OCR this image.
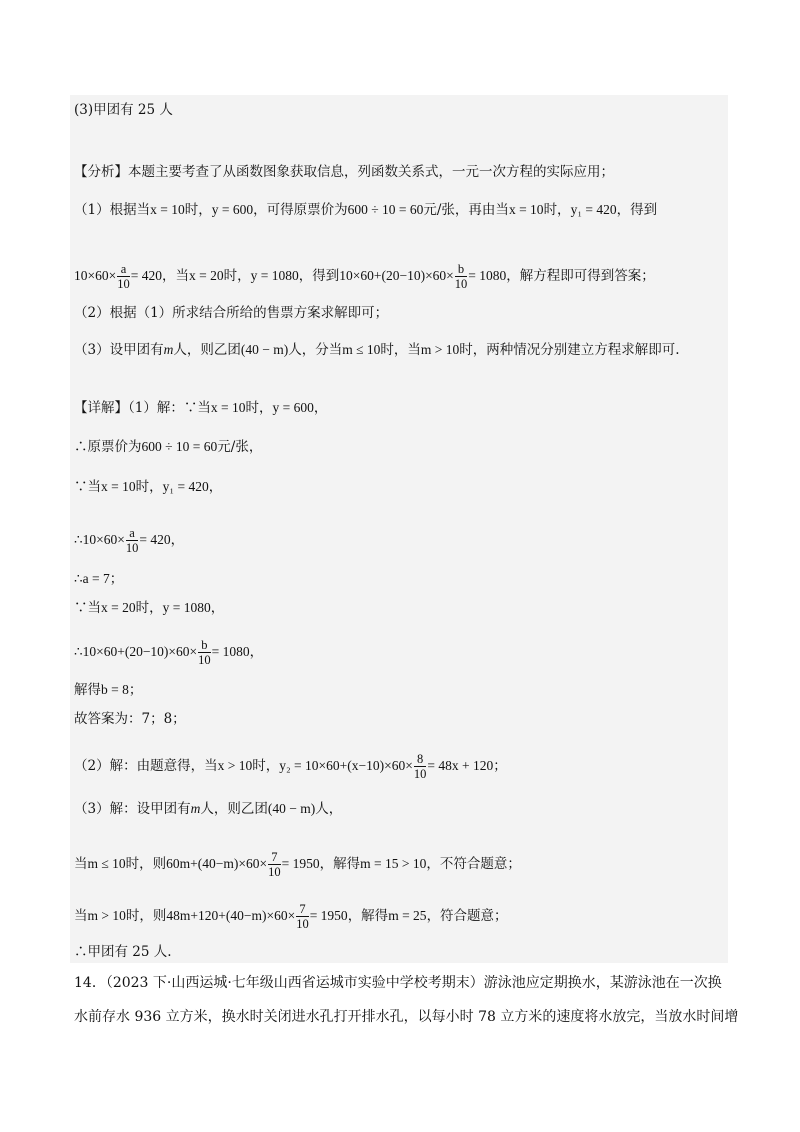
(3)甲团有 25 人
【分析】本题主要考查了从函数图象获取信息，列函数关系式，一元一次方程的实际应用；
（1）根据当x = 10时，y = 600，可得原票价为600 ÷ 10 = 60元/张，再由当x = 10时，y₁ = 420，得到
$10\times 60\times \frac{a}{10} = 420$，当x = 20时，y = 1080，得到$10\times 60+(20-10)\times 60\times \frac{b}{10} = 1080$，解方程即可得到答案；
（2）根据（1）所求结合所给的售票方案求解即可；
（3）设甲团有m人，则乙团(40 − m)人，分当m ≤ 10时，当m > 10时，两种情况分别建立方程求解即可.
【详解】（1）解：∵当x = 10时，y = 600，
∴原票价为600 ÷ 10 = 60元/张，
∵当x = 10时，y₁ = 420，
∴10×60× $\frac{a}{10} = 420$，
∴a = 7；
∵当x = 20时，y = 1080，
∴10×60+(20−10)×60× $\frac{b}{10} = 1080$，
解得b = 8；
故答案为：7；8；
（2）解：由题意得，当x > 10时，$y_2 = 10\times 60+(x-10)\times 60\times \frac{8}{10} = 48x + 120$；
（3）解：设甲团有m人，则乙团(40 − m)人，
当m ≤ 10时，则$60m+(40-m)\times 60\times \frac{7}{10} = 1950$，解得m = 15 > 10，不符合题意；
当m > 10时，则$48m+120+(40-m)\times 60\times \frac{7}{10} = 1950$，解得m = 25，符合题意；
∴甲团有 25 人.
14．（2023 下·山西运城·七年级山西省运城市实验中学校考期末）游泳池应定期换水，某游泳池在一次换
水前存水 936 立方米，换水时关闭进水孔打开排水孔，以每小时 78 立方米的速度将水放完，当放水时间增
